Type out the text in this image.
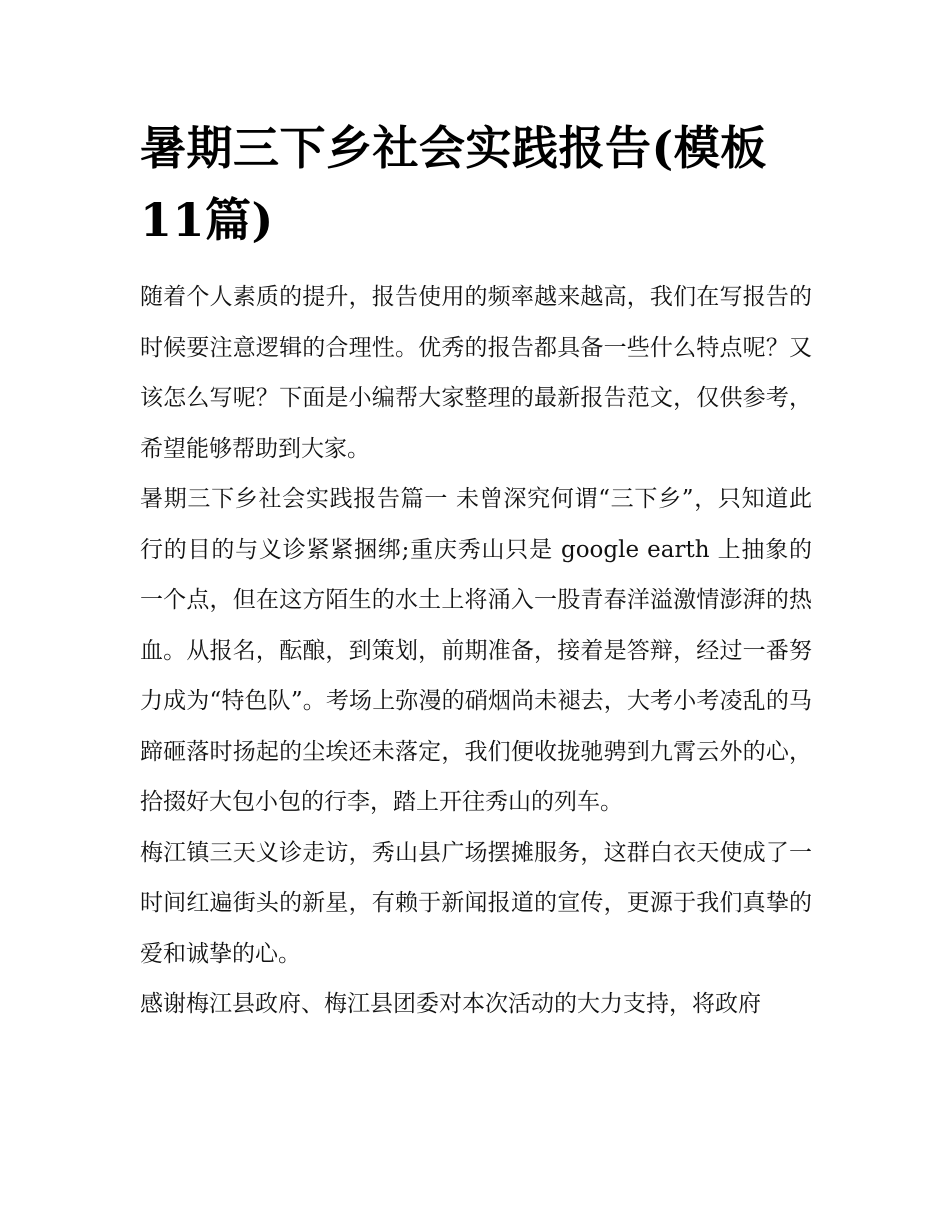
暑期三下乡社会实践报告(模板11篇)

随着个人素质的提升，报告使用的频率越来越高，我们在写报告的时候要注意逻辑的合理性。优秀的报告都具备一些什么特点呢？又该怎么写呢？下面是小编帮大家整理的最新报告范文，仅供参考，希望能够帮助到大家。

暑期三下乡社会实践报告篇一 未曾深究何谓“三下乡”，只知道此行的目的与义诊紧紧捆绑;重庆秀山只是 google earth 上抽象的一个点，但在这方陌生的水土上将涌入一股青春洋溢激情澎湃的热血。从报名，酝酿，到策划，前期准备，接着是答辩，经过一番努力成为“特色队”。考场上弥漫的硝烟尚未褪去，大考小考凌乱的马蹄砸落时扬起的尘埃还未落定，我们便收拢驰骋到九霄云外的心，拾掇好大包小包的行李，踏上开往秀山的列车。

梅江镇三天义诊走访，秀山县广场摆摊服务，这群白衣天使成了一时间红遍街头的新星，有赖于新闻报道的宣传，更源于我们真挚的爱和诚挚的心。

感谢梅江县政府、梅江县团委对本次活动的大力支持，将政府
